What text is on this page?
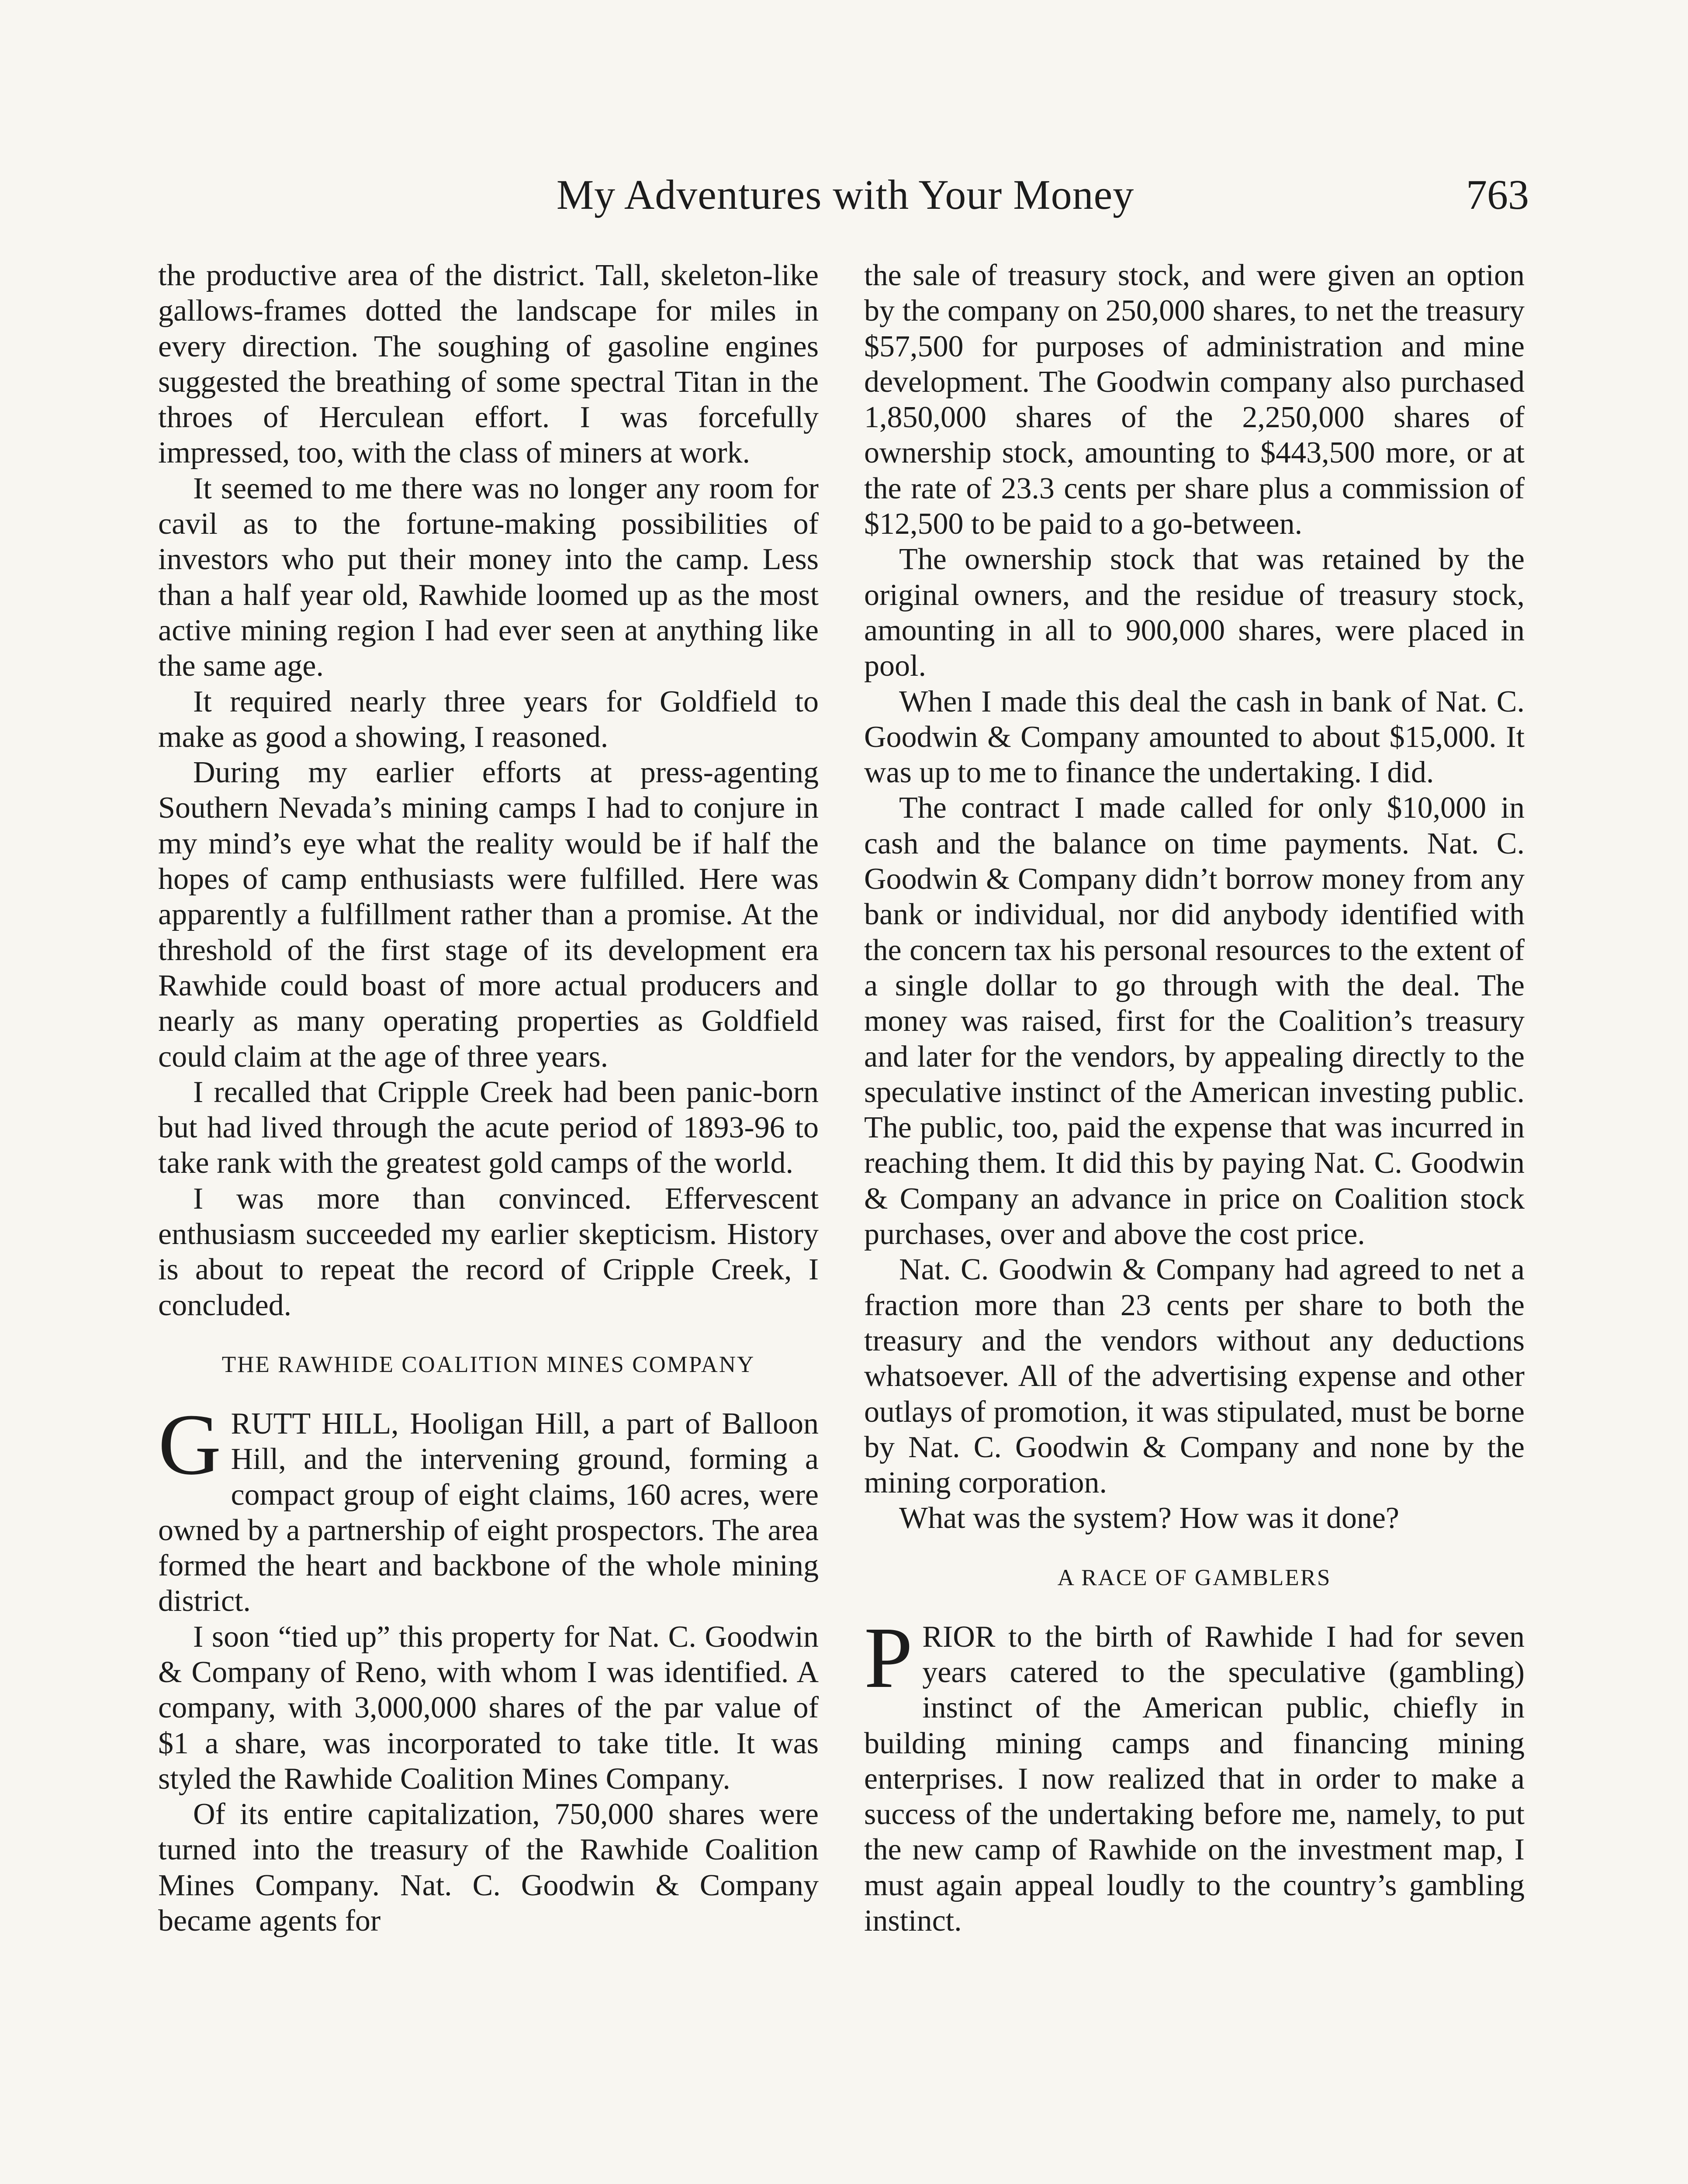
My Adventures with Your Money	763

the productive area of the district. Tall, skeleton-like gallows-frames dotted the landscape for miles in every direction. The soughing of gasoline engines suggested the breathing of some spectral Titan in the throes of Herculean effort. I was forcefully impressed, too, with the class of miners at work.

It seemed to me there was no longer any room for cavil as to the fortune-making possibilities of investors who put their money into the camp. Less than a half year old, Rawhide loomed up as the most active mining region I had ever seen at anything like the same age.

It required nearly three years for Goldfield to make as good a showing, I reasoned.

During my earlier efforts at press-agenting Southern Nevada’s mining camps I had to conjure in my mind’s eye what the reality would be if half the hopes of camp enthusiasts were fulfilled. Here was apparently a fulfillment rather than a promise. At the threshold of the first stage of its development era Rawhide could boast of more actual producers and nearly as many operating properties as Goldfield could claim at the age of three years.

I recalled that Cripple Creek had been panic-born but had lived through the acute period of 1893-96 to take rank with the greatest gold camps of the world.

I was more than convinced. Effervescent enthusiasm succeeded my earlier skepticism. History is about to repeat the record of Cripple Creek, I concluded.

THE RAWHIDE COALITION MINES COMPANY

GRUTT HILL, Hooligan Hill, a part of Balloon Hill, and the intervening ground, forming a compact group of eight claims, 160 acres, were owned by a partnership of eight prospectors. The area formed the heart and backbone of the whole mining district.

I soon “tied up” this property for Nat. C. Goodwin & Company of Reno, with whom I was identified. A company, with 3,000,000 shares of the par value of $1 a share, was incorporated to take title. It was styled the Rawhide Coalition Mines Company.

Of its entire capitalization, 750,000 shares were turned into the treasury of the Rawhide Coalition Mines Company. Nat. C. Goodwin & Company became agents for

the sale of treasury stock, and were given an option by the company on 250,000 shares, to net the treasury $57,500 for purposes of administration and mine development. The Goodwin company also purchased 1,850,000 shares of the 2,250,000 shares of ownership stock, amounting to $443,500 more, or at the rate of 23.3 cents per share plus a commission of $12,500 to be paid to a go-between.

The ownership stock that was retained by the original owners, and the residue of treasury stock, amounting in all to 900,000 shares, were placed in pool.

When I made this deal the cash in bank of Nat. C. Goodwin & Company amounted to about $15,000. It was up to me to finance the undertaking. I did.

The contract I made called for only $10,000 in cash and the balance on time payments. Nat. C. Goodwin & Company didn’t borrow money from any bank or individual, nor did anybody identified with the concern tax his personal resources to the extent of a single dollar to go through with the deal. The money was raised, first for the Coalition’s treasury and later for the vendors, by appealing directly to the speculative instinct of the American investing public. The public, too, paid the expense that was incurred in reaching them. It did this by paying Nat. C. Goodwin & Company an advance in price on Coalition stock purchases, over and above the cost price.

Nat. C. Goodwin & Company had agreed to net a fraction more than 23 cents per share to both the treasury and the vendors without any deductions whatsoever. All of the advertising expense and other outlays of promotion, it was stipulated, must be borne by Nat. C. Goodwin & Company and none by the mining corporation.

What was the system? How was it done?

A RACE OF GAMBLERS

PRIOR to the birth of Rawhide I had for seven years catered to the speculative (gambling) instinct of the American public, chiefly in building mining camps and financing mining enterprises. I now realized that in order to make a success of the undertaking before me, namely, to put the new camp of Rawhide on the investment map, I must again appeal loudly to the country’s gambling instinct.
